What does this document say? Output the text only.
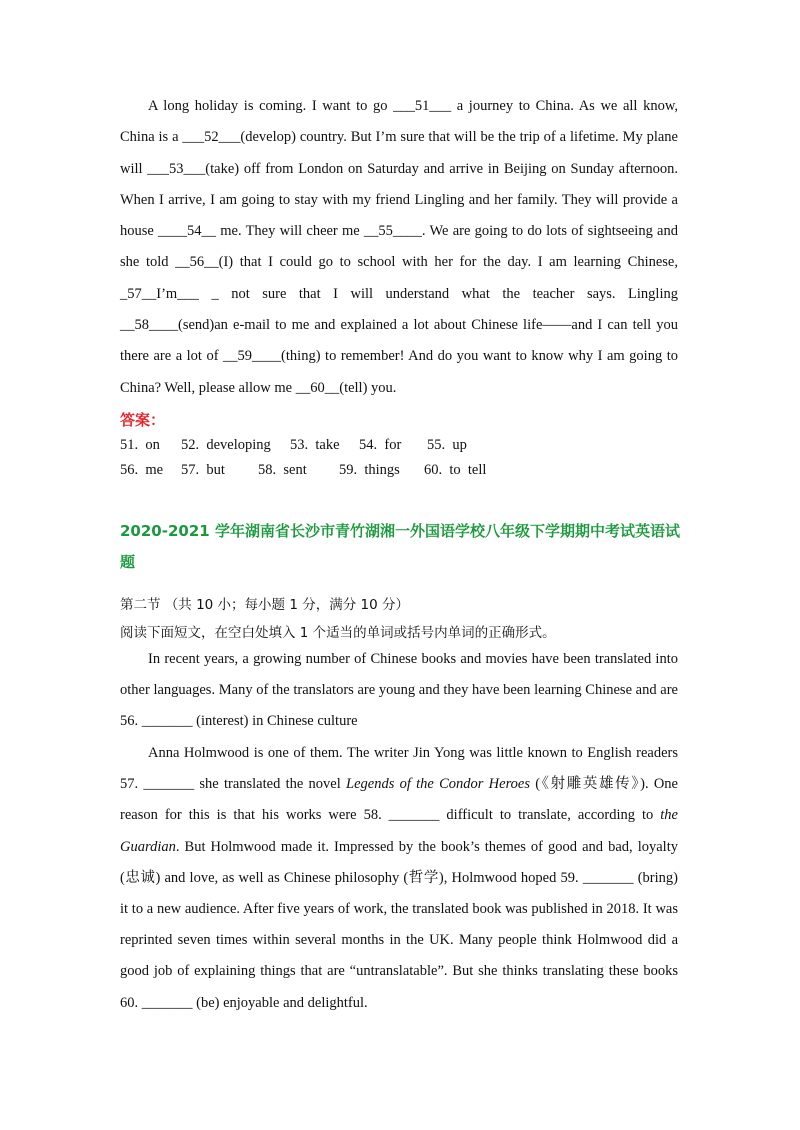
A long holiday is coming. I want to go ___51___ a journey to China. As we all know, China is a ___52___(develop) country. But I’m sure that will be the trip of a lifetime. My plane will ___53___(take) off from London on Saturday and arrive in Beijing on Sunday afternoon. When I arrive, I am going to stay with my friend Lingling and her family. They will provide a house ____54__ me. They will cheer me __55____. We are going to do lots of sightseeing and she told __56__(I) that I could go to school with her for the day. I am learning Chinese, _57__I’m___ _ not sure that I will understand what the teacher says. Lingling __58____(send)an e-mail to me and explained a lot about Chinese life——and I can tell you there are a lot of __59____(thing) to remember! And do you want to know why I am going to China? Well, please allow me __60__(tell) you.

答案：
51.  on 52.  developing 53.  take 54.  for 55.  up
56.  me 57.  but 58.  sent 59.  things 60.  to  tell
2020-2021 学年湖南省长沙市青竹湖湘一外国语学校八年级下学期期中考试英语试题
第二节 （共 10 小；每小题 1 分，满分 10 分）
阅读下面短文，在空白处填入 1 个适当的单词或括号内单词的正确形式。

In recent years, a growing number of Chinese books and movies have been translated into other languages. Many of the translators are young and they have been learning Chinese and are 56. _______ (interest) in Chinese culture

Anna Holmwood is one of them. The writer Jin Yong was little known to English readers 57. _______ she translated the novel Legends of the Condor Heroes (《射雕英雄传》). One reason for this is that his works were 58. _______ difficult to translate, according to the Guardian. But Holmwood made it. Impressed by the book’s themes of good and bad, loyalty (忠诚) and love, as well as Chinese philosophy (哲学), Holmwood hoped 59. _______ (bring) it to a new audience. After five years of work, the translated book was published in 2018. It was reprinted seven times within several months in the UK. Many people think Holmwood did a good job of explaining things that are “untranslatable”. But she thinks translating these books 60. _______ (be) enjoyable and delightful.
